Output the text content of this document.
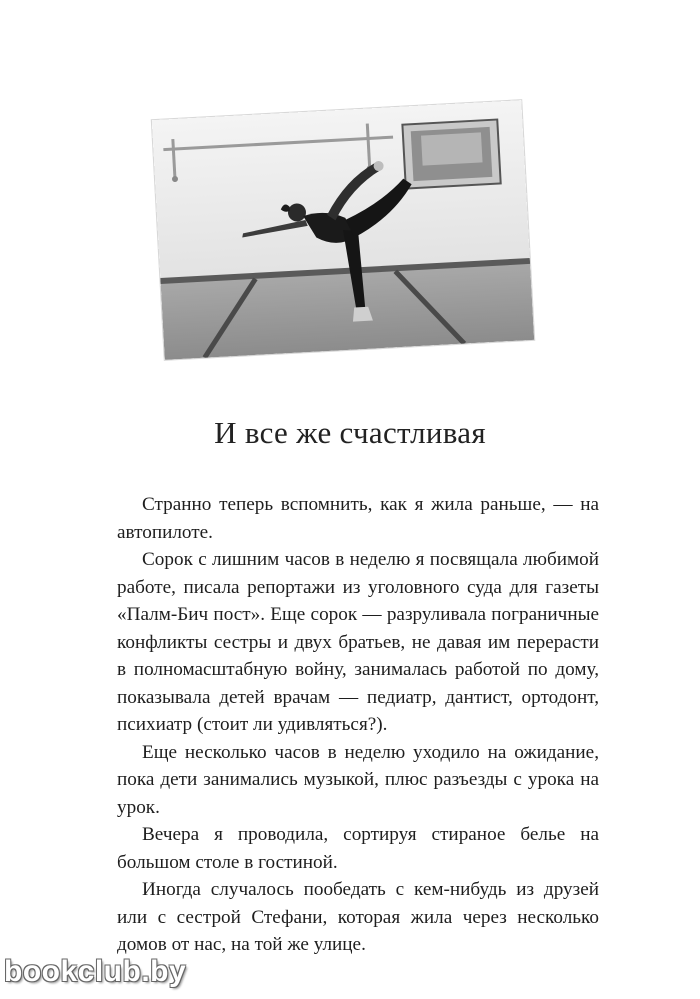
И все же счастливая

Странно теперь вспомнить, как я жила раньше, — на автопилоте.

Сорок с лишним часов в неделю я посвящала любимой работе, писала репортажи из уголовного суда для газеты «Палм-Бич пост». Еще сорок — разруливала пограничные конфликты сестры и двух братьев, не давая им перерасти в полномасштабную войну, занималась работой по дому, показывала детей врачам — педиатр, дантист, ортодонт, психиатр (стоит ли удивляться?).

Еще несколько часов в неделю уходило на ожидание, пока дети занимались музыкой, плюс разъезды с урока на урок.

Вечера я проводила, сортируя стираное белье на большом столе в гостиной.

Иногда случалось пообедать с кем-нибудь из друзей или с сестрой Стефани, которая жила через несколько домов от нас, на той же улице.

bookclub.by
